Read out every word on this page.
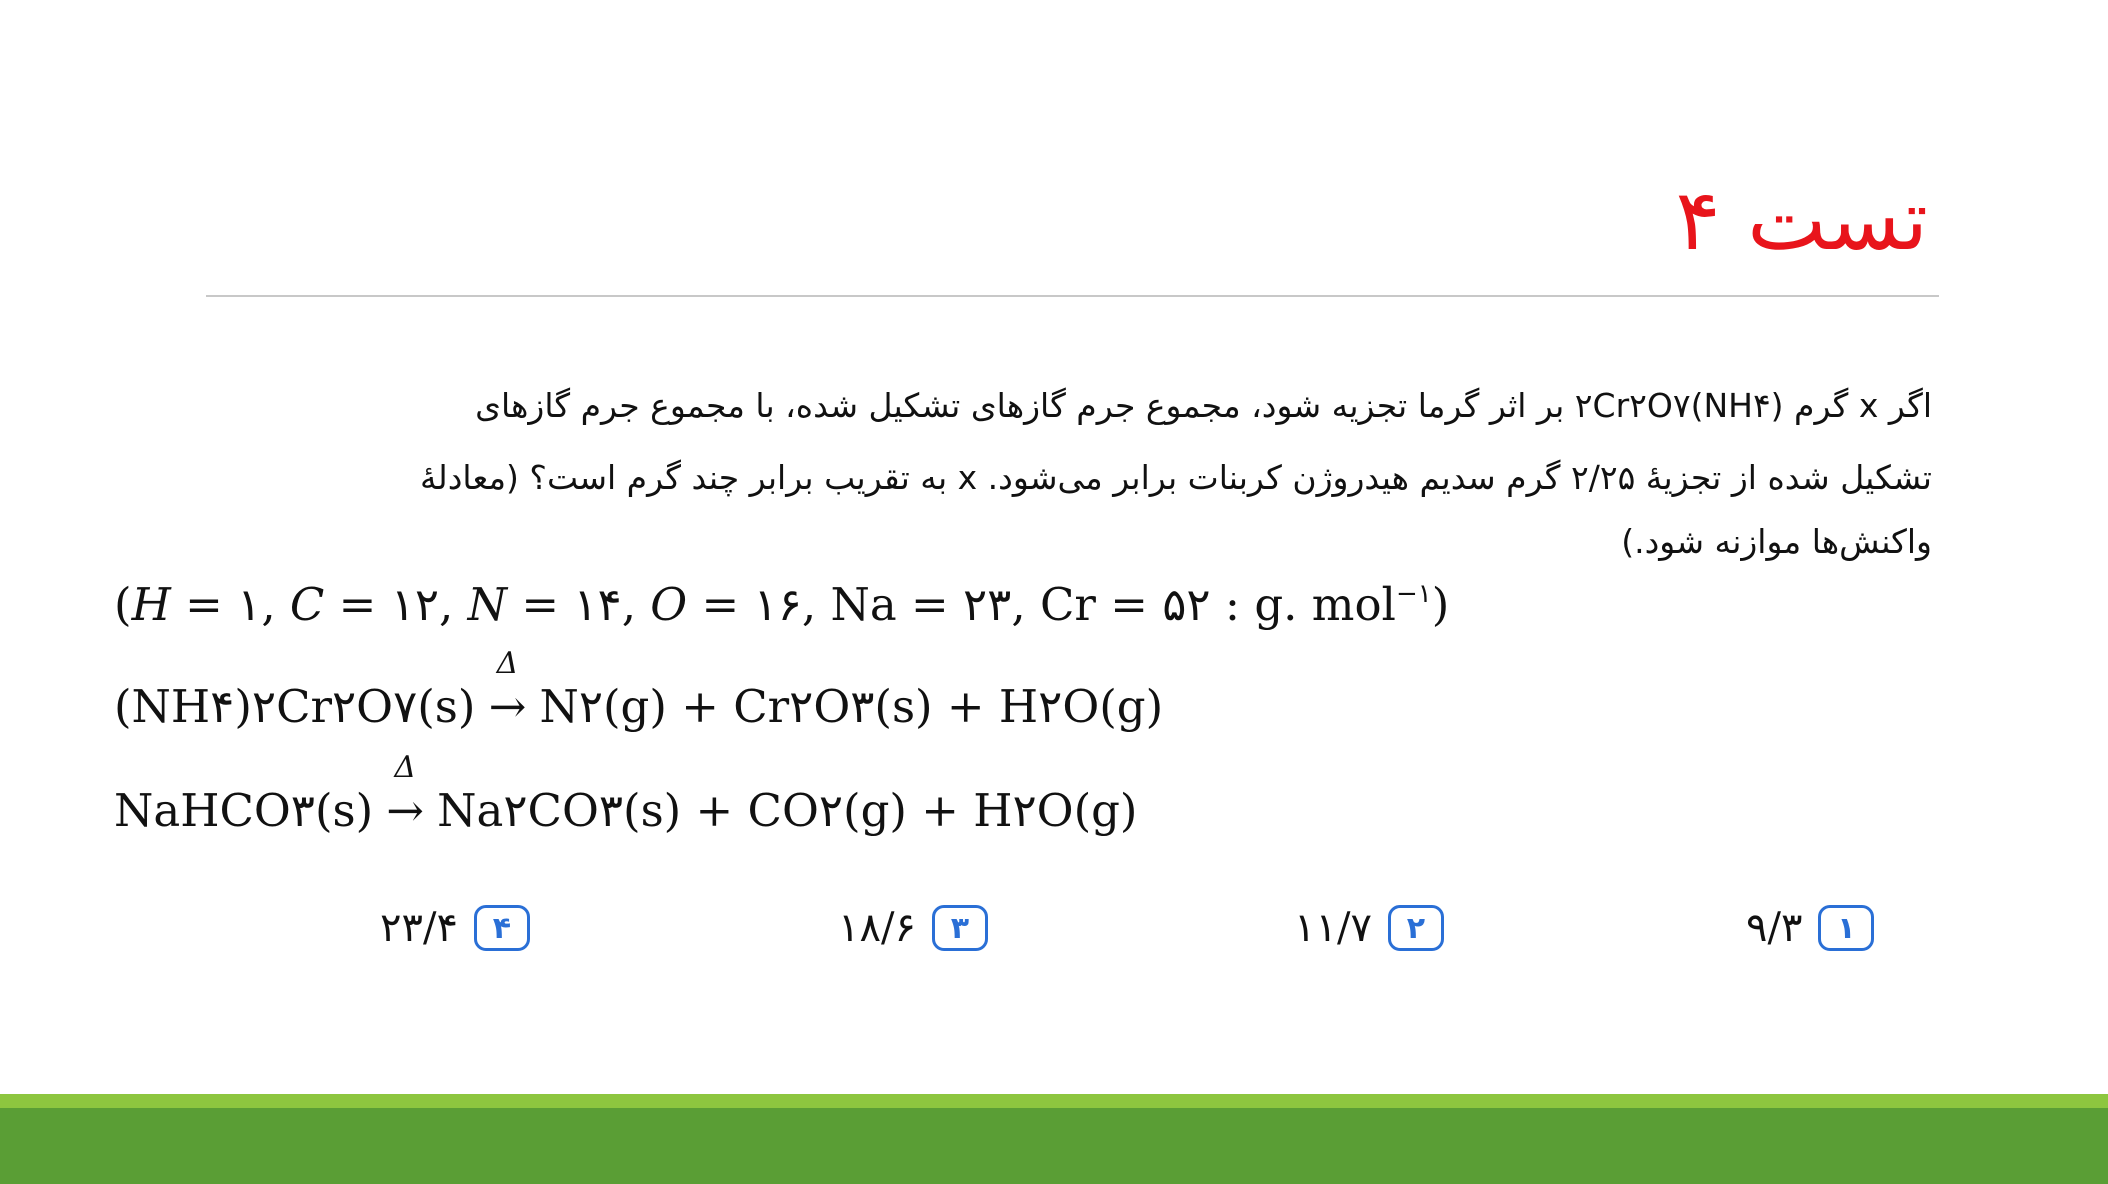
تست ۴
اگر x گرم (NH۴)۲Cr۲O۷ بر اثر گرما تجزیه شود، مجموع جرم گازهای تشکیل شده، با مجموع جرم گازهای
تشکیل شده از تجزیهٔ ۲/۲۵ گرم سدیم هیدروژن کربنات برابر می‌شود. x به تقریب برابر چند گرم است؟ (معادلهٔ
واکنش‌ها موازنه شود.)
(H = ۱, C = ۱۲, N = ۱۴, O = ۱۶, Na = ۲۳, Cr = ۵۲ : g. mol$^{-۱}$)
(NH۴)۲Cr۲O۷(s)
Δ
→ N۲(g) + Cr۲O۳(s) + H۲O(g)
NaHCO۳(s)
Δ
→ Na۲CO۳(s) + CO۲(g) + H۲O(g)
۱
۹/۳
۲
۱۱/۷
۳
۱۸/۶
۴
۲۳/۴
